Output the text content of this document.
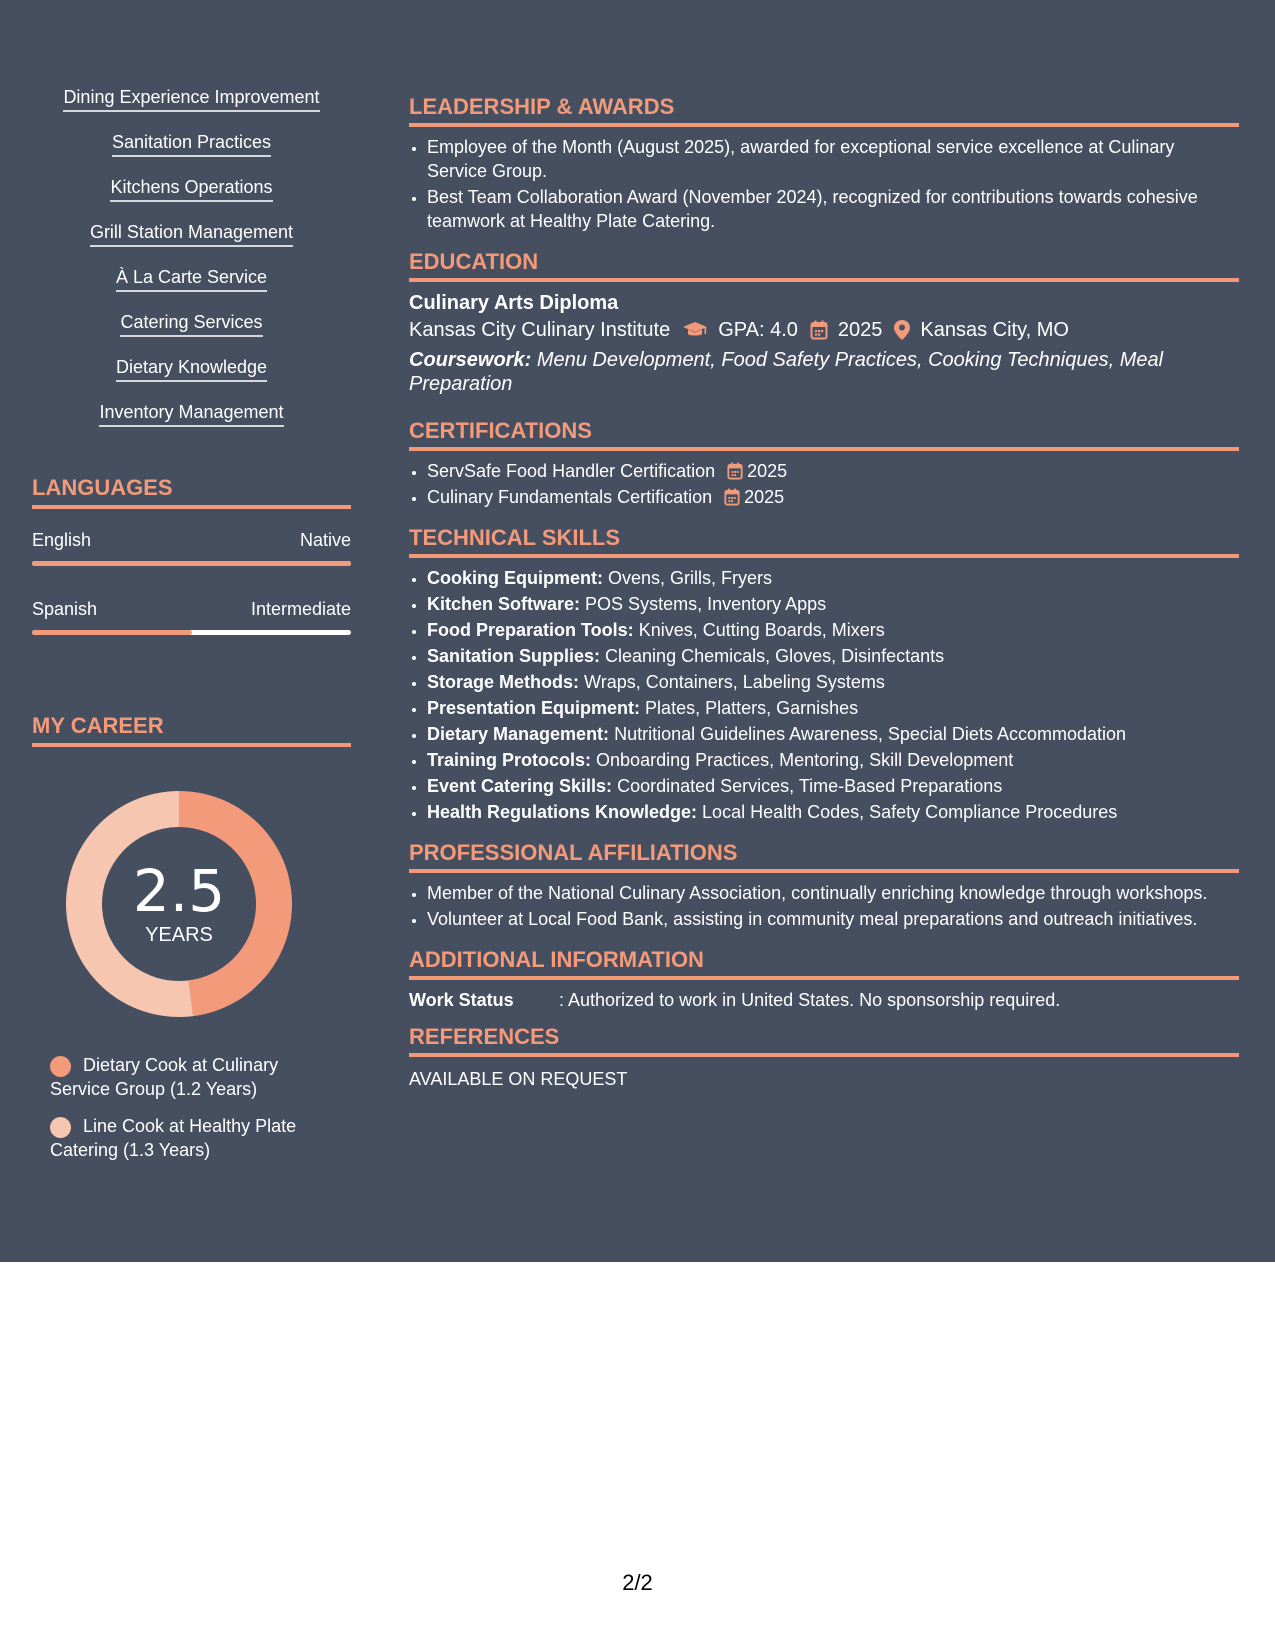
Dining Experience Improvement
Sanitation Practices
Kitchens Operations
Grill Station Management
À La Carte Service
Catering Services
Dietary Knowledge
Inventory Management
LANGUAGES
English	Native
Spanish	Intermediate
MY CAREER
2.5
YEARS
Dietary Cook at Culinary Service Group (1.2 Years)
Line Cook at Healthy Plate Catering (1.3 Years)
LEADERSHIP & AWARDS
• Employee of the Month (August 2025), awarded for exceptional service excellence at Culinary Service Group.
• Best Team Collaboration Award (November 2024), recognized for contributions towards cohesive teamwork at Healthy Plate Catering.
EDUCATION
Culinary Arts Diploma
Kansas City Culinary Institute GPA: 4.0 2025 Kansas City, MO
Coursework: Menu Development, Food Safety Practices, Cooking Techniques, Meal Preparation
CERTIFICATIONS
• ServSafe Food Handler Certification 2025
• Culinary Fundamentals Certification 2025
TECHNICAL SKILLS
• Cooking Equipment: Ovens, Grills, Fryers
• Kitchen Software: POS Systems, Inventory Apps
• Food Preparation Tools: Knives, Cutting Boards, Mixers
• Sanitation Supplies: Cleaning Chemicals, Gloves, Disinfectants
• Storage Methods: Wraps, Containers, Labeling Systems
• Presentation Equipment: Plates, Platters, Garnishes
• Dietary Management: Nutritional Guidelines Awareness, Special Diets Accommodation
• Training Protocols: Onboarding Practices, Mentoring, Skill Development
• Event Catering Skills: Coordinated Services, Time-Based Preparations
• Health Regulations Knowledge: Local Health Codes, Safety Compliance Procedures
PROFESSIONAL AFFILIATIONS
• Member of the National Culinary Association, continually enriching knowledge through workshops.
• Volunteer at Local Food Bank, assisting in community meal preparations and outreach initiatives.
ADDITIONAL INFORMATION
Work Status	: Authorized to work in United States. No sponsorship required.
REFERENCES
AVAILABLE ON REQUEST
2/2
